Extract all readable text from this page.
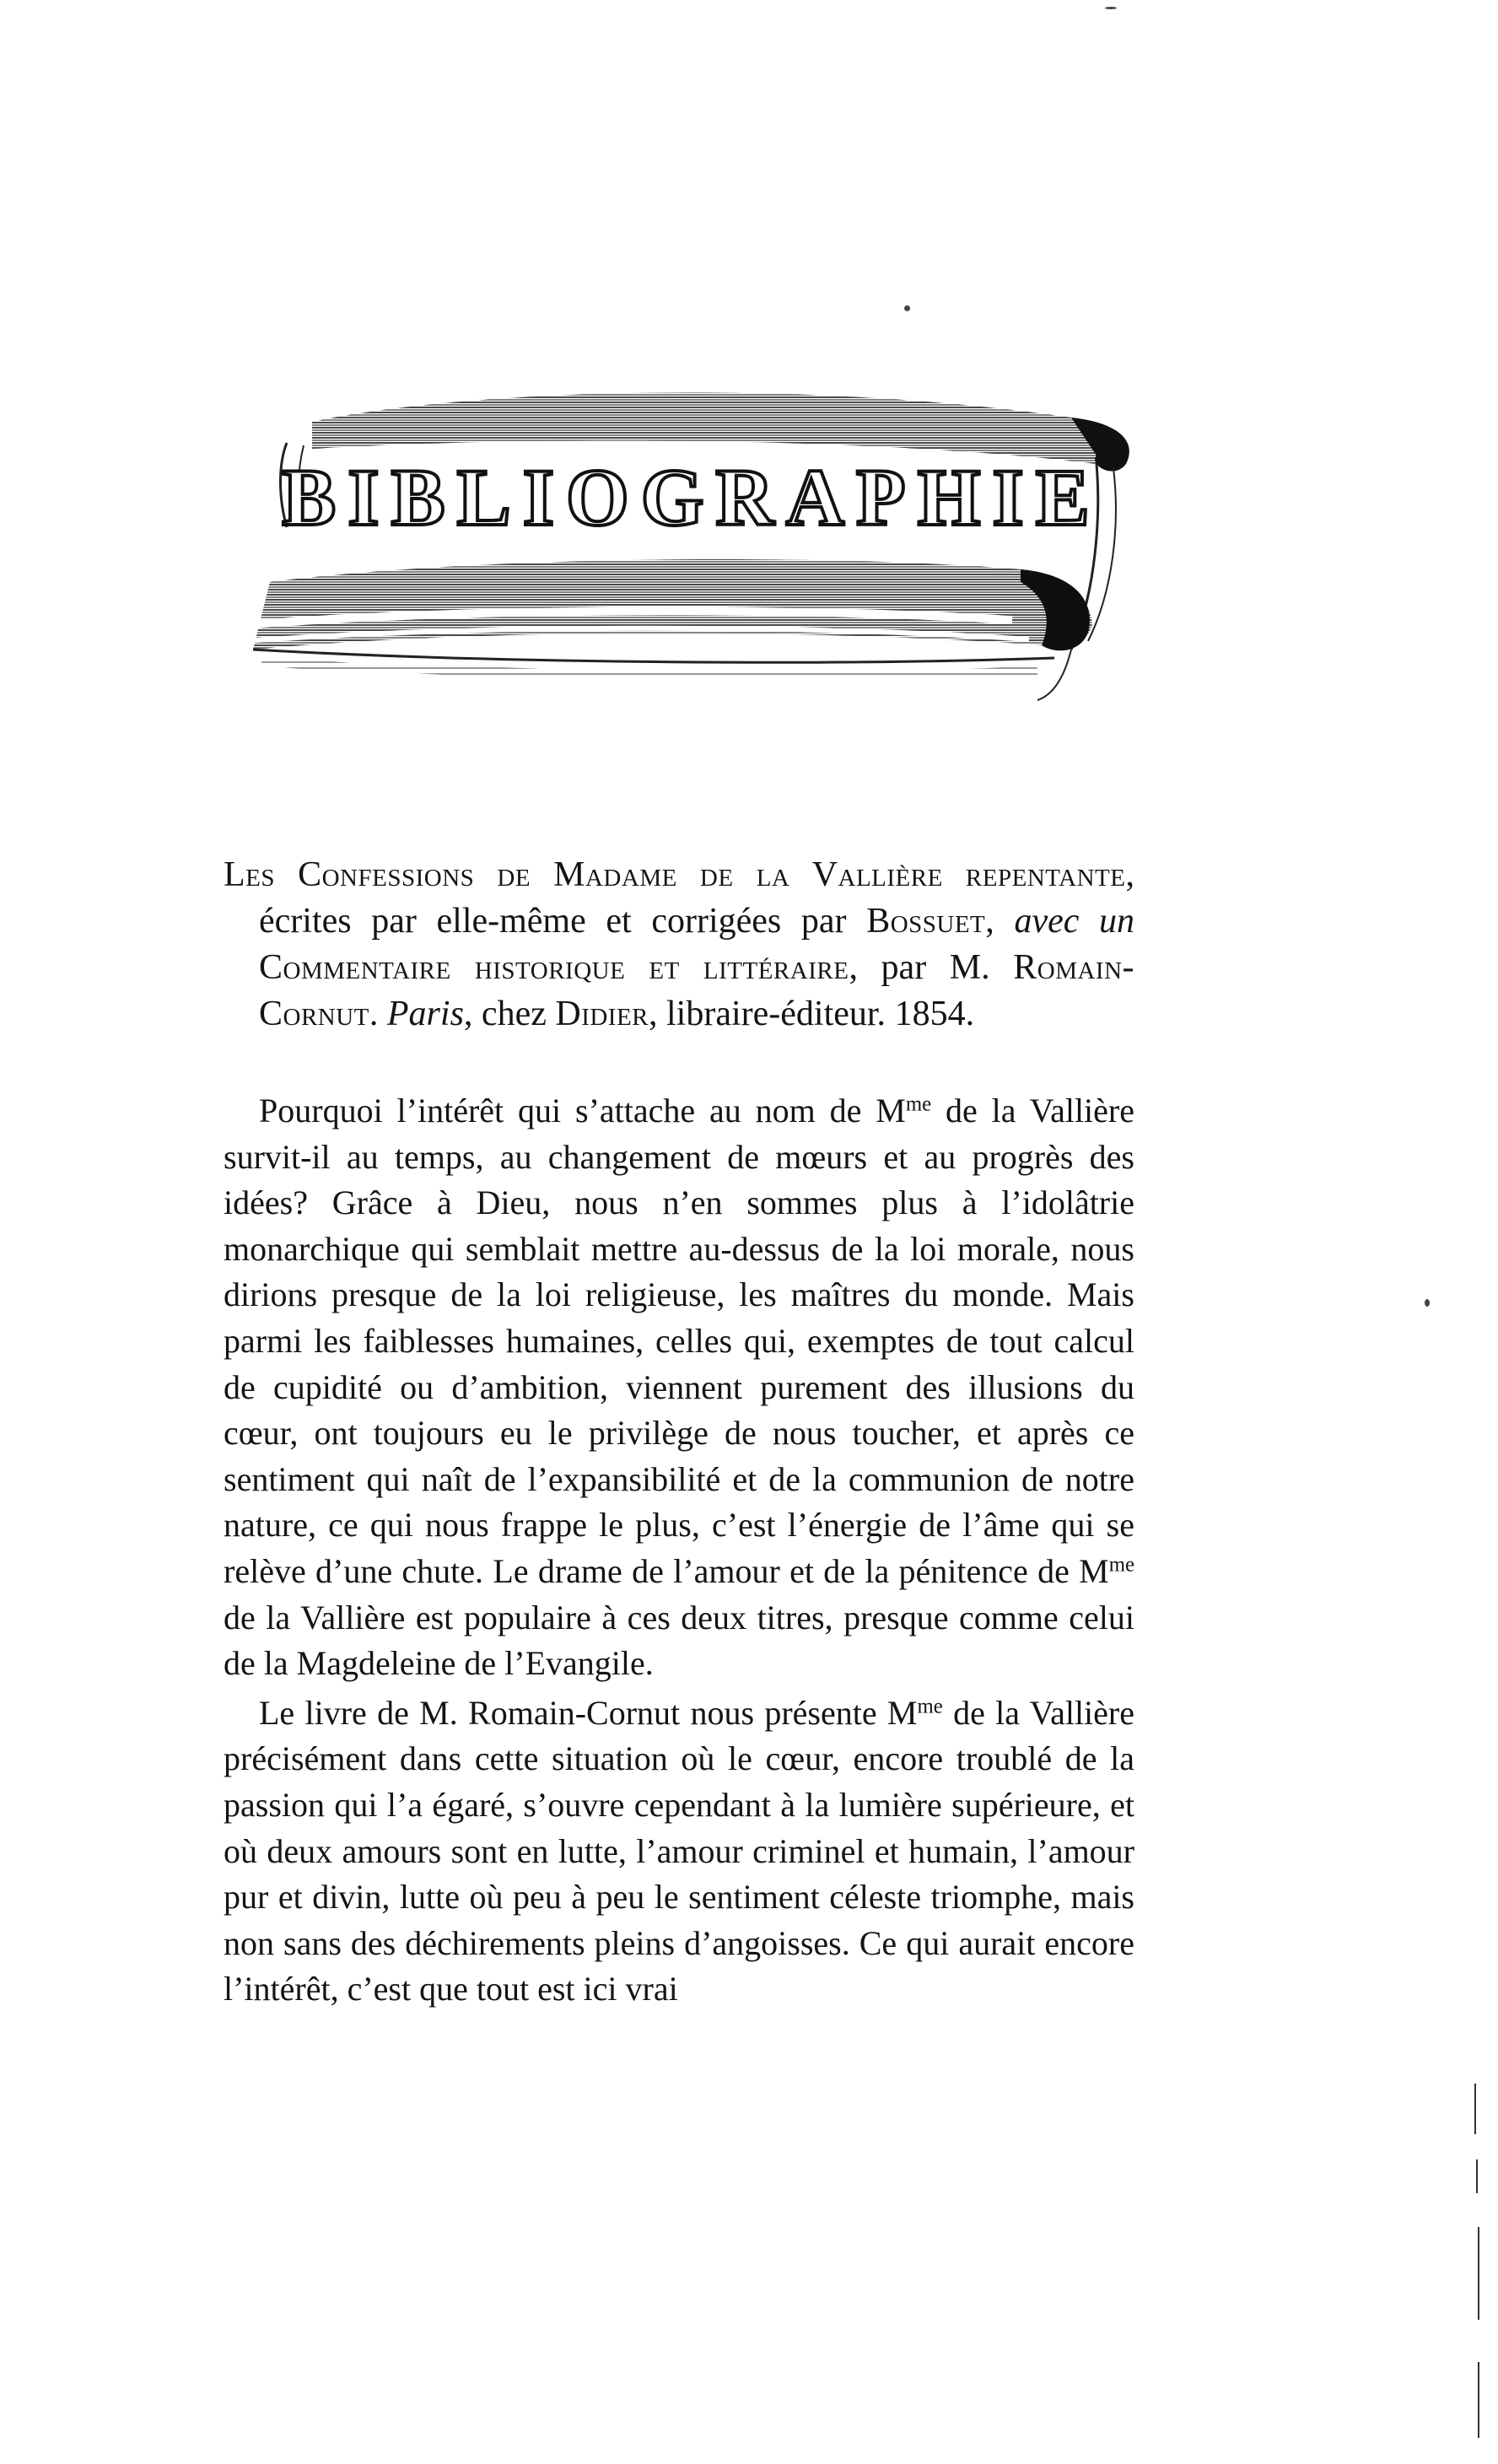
BIBLIOGRAPHIE

Les Confessions de Madame de la Vallière repentante, écrites par elle-même et corrigées par Bossuet, avec un Commentaire historique et littéraire, par M. Romain-Cornut. Paris, chez Didier, libraire-éditeur. 1854.

Pourquoi l’intérêt qui s’attache au nom de $M^{me}$ de la Vallière survit-il au temps, au changement de mœurs et au progrès des idées? Grâce à Dieu, nous n’en sommes plus à l’idolâtrie monarchique qui semblait mettre au-dessus de la loi morale, nous dirions presque de la loi religieuse, les maîtres du monde. Mais parmi les faiblesses humaines, celles qui, exemptes de tout calcul de cupidité ou d’ambition, viennent purement des illusions du cœur, ont toujours eu le privilège de nous toucher, et après ce sentiment qui naît de l’expansibilité et de la communion de notre nature, ce qui nous frappe le plus, c’est l’énergie de l’âme qui se relève d’une chute. Le drame de l’amour et de la pénitence de $M^{me}$ de la Vallière est populaire à ces deux titres, presque comme celui de la Magdeleine de l’Evangile.

Le livre de M. Romain-Cornut nous présente $M^{me}$ de la Vallière précisément dans cette situation où le cœur, encore troublé de la passion qui l’a égaré, s’ouvre cependant à la lumière supérieure, et où deux amours sont en lutte, l’amour criminel et humain, l’amour pur et divin, lutte où peu à peu le sentiment céleste triomphe, mais non sans des déchirements pleins d’angoisses. Ce qui aurait encore l’intérêt, c’est que tout est ici vrai
